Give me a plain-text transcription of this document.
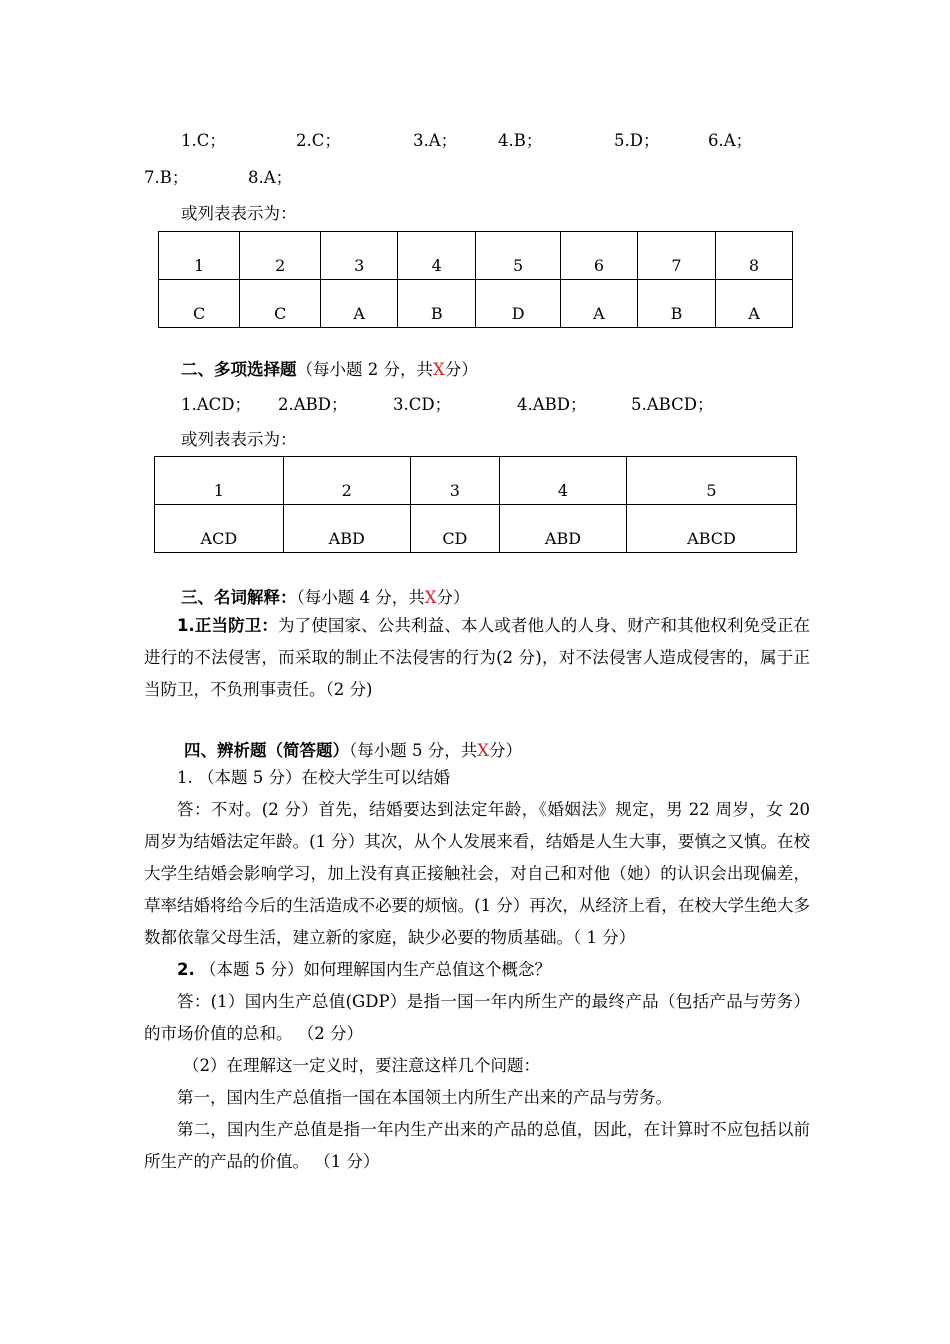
1.C；	2.C；	3.A； 4.B；	5.D；	6.A；
7.B；	8.A；
或列表表示为：
1	2	3	4	5	6	7	8
C	C	A	B	D	A	B	A
二、多项选择题（每小题 2 分，共X分）
1.ACD； 2.ABD；	3.CD；	4.ABD；	5.ABCD；
或列表表示为：
1	2	3	4	5
ACD	ABD	CD	ABD	ABCD
三、名词解释：（每小题 4 分，共X分）

1.正当防卫：为了使国家、公共利益、本人或者他人的人身、财产和其他权利免受正在进行的不法侵害，而采取的制止不法侵害的行为(2 分)，对不法侵害人造成侵害的，属于正当防卫，不负刑事责任。（2 分)

四、辨析题（简答题）（每小题 5 分，共X分）

1. （本题 5 分）在校大学生可以结婚

答：不对。(2 分）首先，结婚要达到法定年龄，《婚姻法》规定，男 22 周岁，女 20 周岁为结婚法定年龄。(1 分）其次，从个人发展来看，结婚是人生大事，要慎之又慎。在校大学生结婚会影响学习，加上没有真正接触社会，对自己和对他（她）的认识会出现偏差，草率结婚将给今后的生活造成不必要的烦恼。(1 分）再次，从经济上看，在校大学生绝大多数都依靠父母生活，建立新的家庭，缺少必要的物质基础。（ 1 分）

2. （本题 5 分）如何理解国内生产总值这个概念？

答：(1）国内生产总值(GDP）是指一国一年内所生产的最终产品（包括产品与劳务）的市场价值的总和。 （2 分）

（2）在理解这一定义时，要注意这样几个问题：

第一，国内生产总值指一国在本国领土内所生产出来的产品与劳务。

第二，国内生产总值是指一年内生产出来的产品的总值，因此，在计算时不应包括以前所生产的产品的价值。 （1 分）
